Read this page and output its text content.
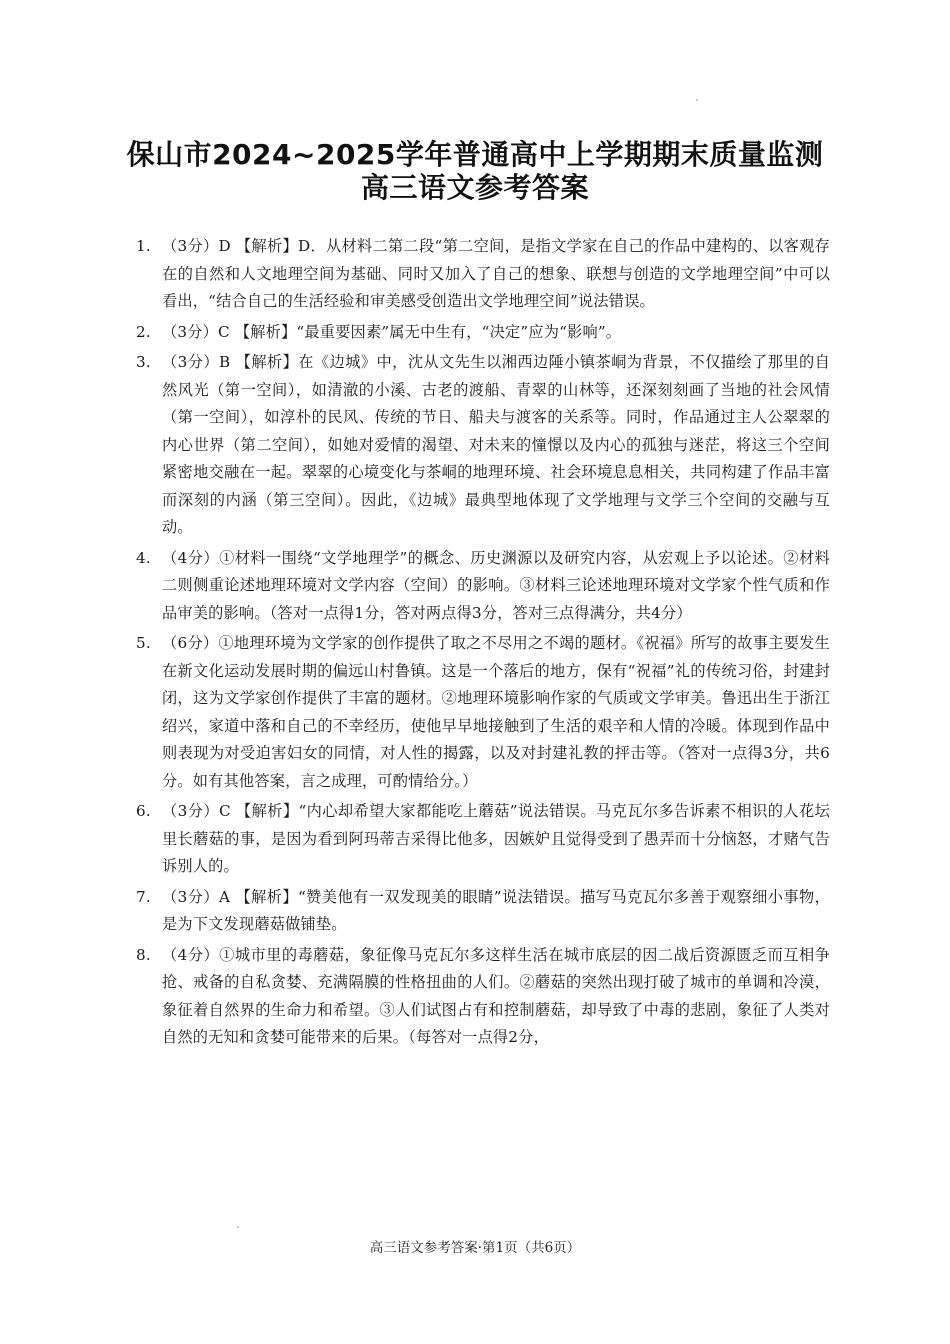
保山市2024~2025学年普通高中上学期期末质量监测
高三语文参考答案
1. （3分）D 【解析】D．从材料二第二段“第二空间，是指文学家在自己的作品中建构的、以客观存在的自然和人文地理空间为基础、同时又加入了自己的想象、联想与创造的文学地理空间”中可以看出，“结合自己的生活经验和审美感受创造出文学地理空间”说法错误。
2. （3分）C 【解析】“最重要因素”属无中生有，“决定”应为“影响”。
3. （3分）B 【解析】在《边城》中，沈从文先生以湘西边陲小镇茶峒为背景，不仅描绘了那里的自然风光（第一空间），如清澈的小溪、古老的渡船、青翠的山林等，还深刻刻画了当地的社会风情（第一空间），如淳朴的民风、传统的节日、船夫与渡客的关系等。同时，作品通过主人公翠翠的内心世界（第二空间），如她对爱情的渴望、对未来的憧憬以及内心的孤独与迷茫，将这三个空间紧密地交融在一起。翠翠的心境变化与茶峒的地理环境、社会环境息息相关，共同构建了作品丰富而深刻的内涵（第三空间）。因此，《边城》最典型地体现了文学地理与文学三个空间的交融与互动。
4. （4分）①材料一围绕“文学地理学”的概念、历史渊源以及研究内容，从宏观上予以论述。②材料二则侧重论述地理环境对文学内容（空间）的影响。③材料三论述地理环境对文学家个性气质和作品审美的影响。（答对一点得1分，答对两点得3分，答对三点得满分，共4分）
5. （6分）①地理环境为文学家的创作提供了取之不尽用之不竭的题材。《祝福》所写的故事主要发生在新文化运动发展时期的偏远山村鲁镇。这是一个落后的地方，保有“祝福”礼的传统习俗，封建封闭，这为文学家创作提供了丰富的题材。②地理环境影响作家的气质或文学审美。鲁迅出生于浙江绍兴，家道中落和自己的不幸经历，使他早早地接触到了生活的艰辛和人情的冷暖。体现到作品中则表现为对受迫害妇女的同情，对人性的揭露，以及对封建礼教的抨击等。（答对一点得3分，共6分。如有其他答案，言之成理，可酌情给分。）
6. （3分）C 【解析】“内心却希望大家都能吃上蘑菇”说法错误。马克瓦尔多告诉素不相识的人花坛里长蘑菇的事，是因为看到阿玛蒂吉采得比他多，因嫉妒且觉得受到了愚弄而十分恼怒，才赌气告诉别人的。
7. （3分）A 【解析】“赞美他有一双发现美的眼睛”说法错误。描写马克瓦尔多善于观察细小事物，是为下文发现蘑菇做铺垫。
8. （4分）①城市里的毒蘑菇，象征像马克瓦尔多这样生活在城市底层的因二战后资源匮乏而互相争抢、戒备的自私贪婪、充满隔膜的性格扭曲的人们。②蘑菇的突然出现打破了城市的单调和冷漠，象征着自然界的生命力和希望。③人们试图占有和控制蘑菇，却导致了中毒的悲剧，象征了人类对自然的无知和贪婪可能带来的后果。（每答对一点得2分，
高三语文参考答案·第1页（共6页）
